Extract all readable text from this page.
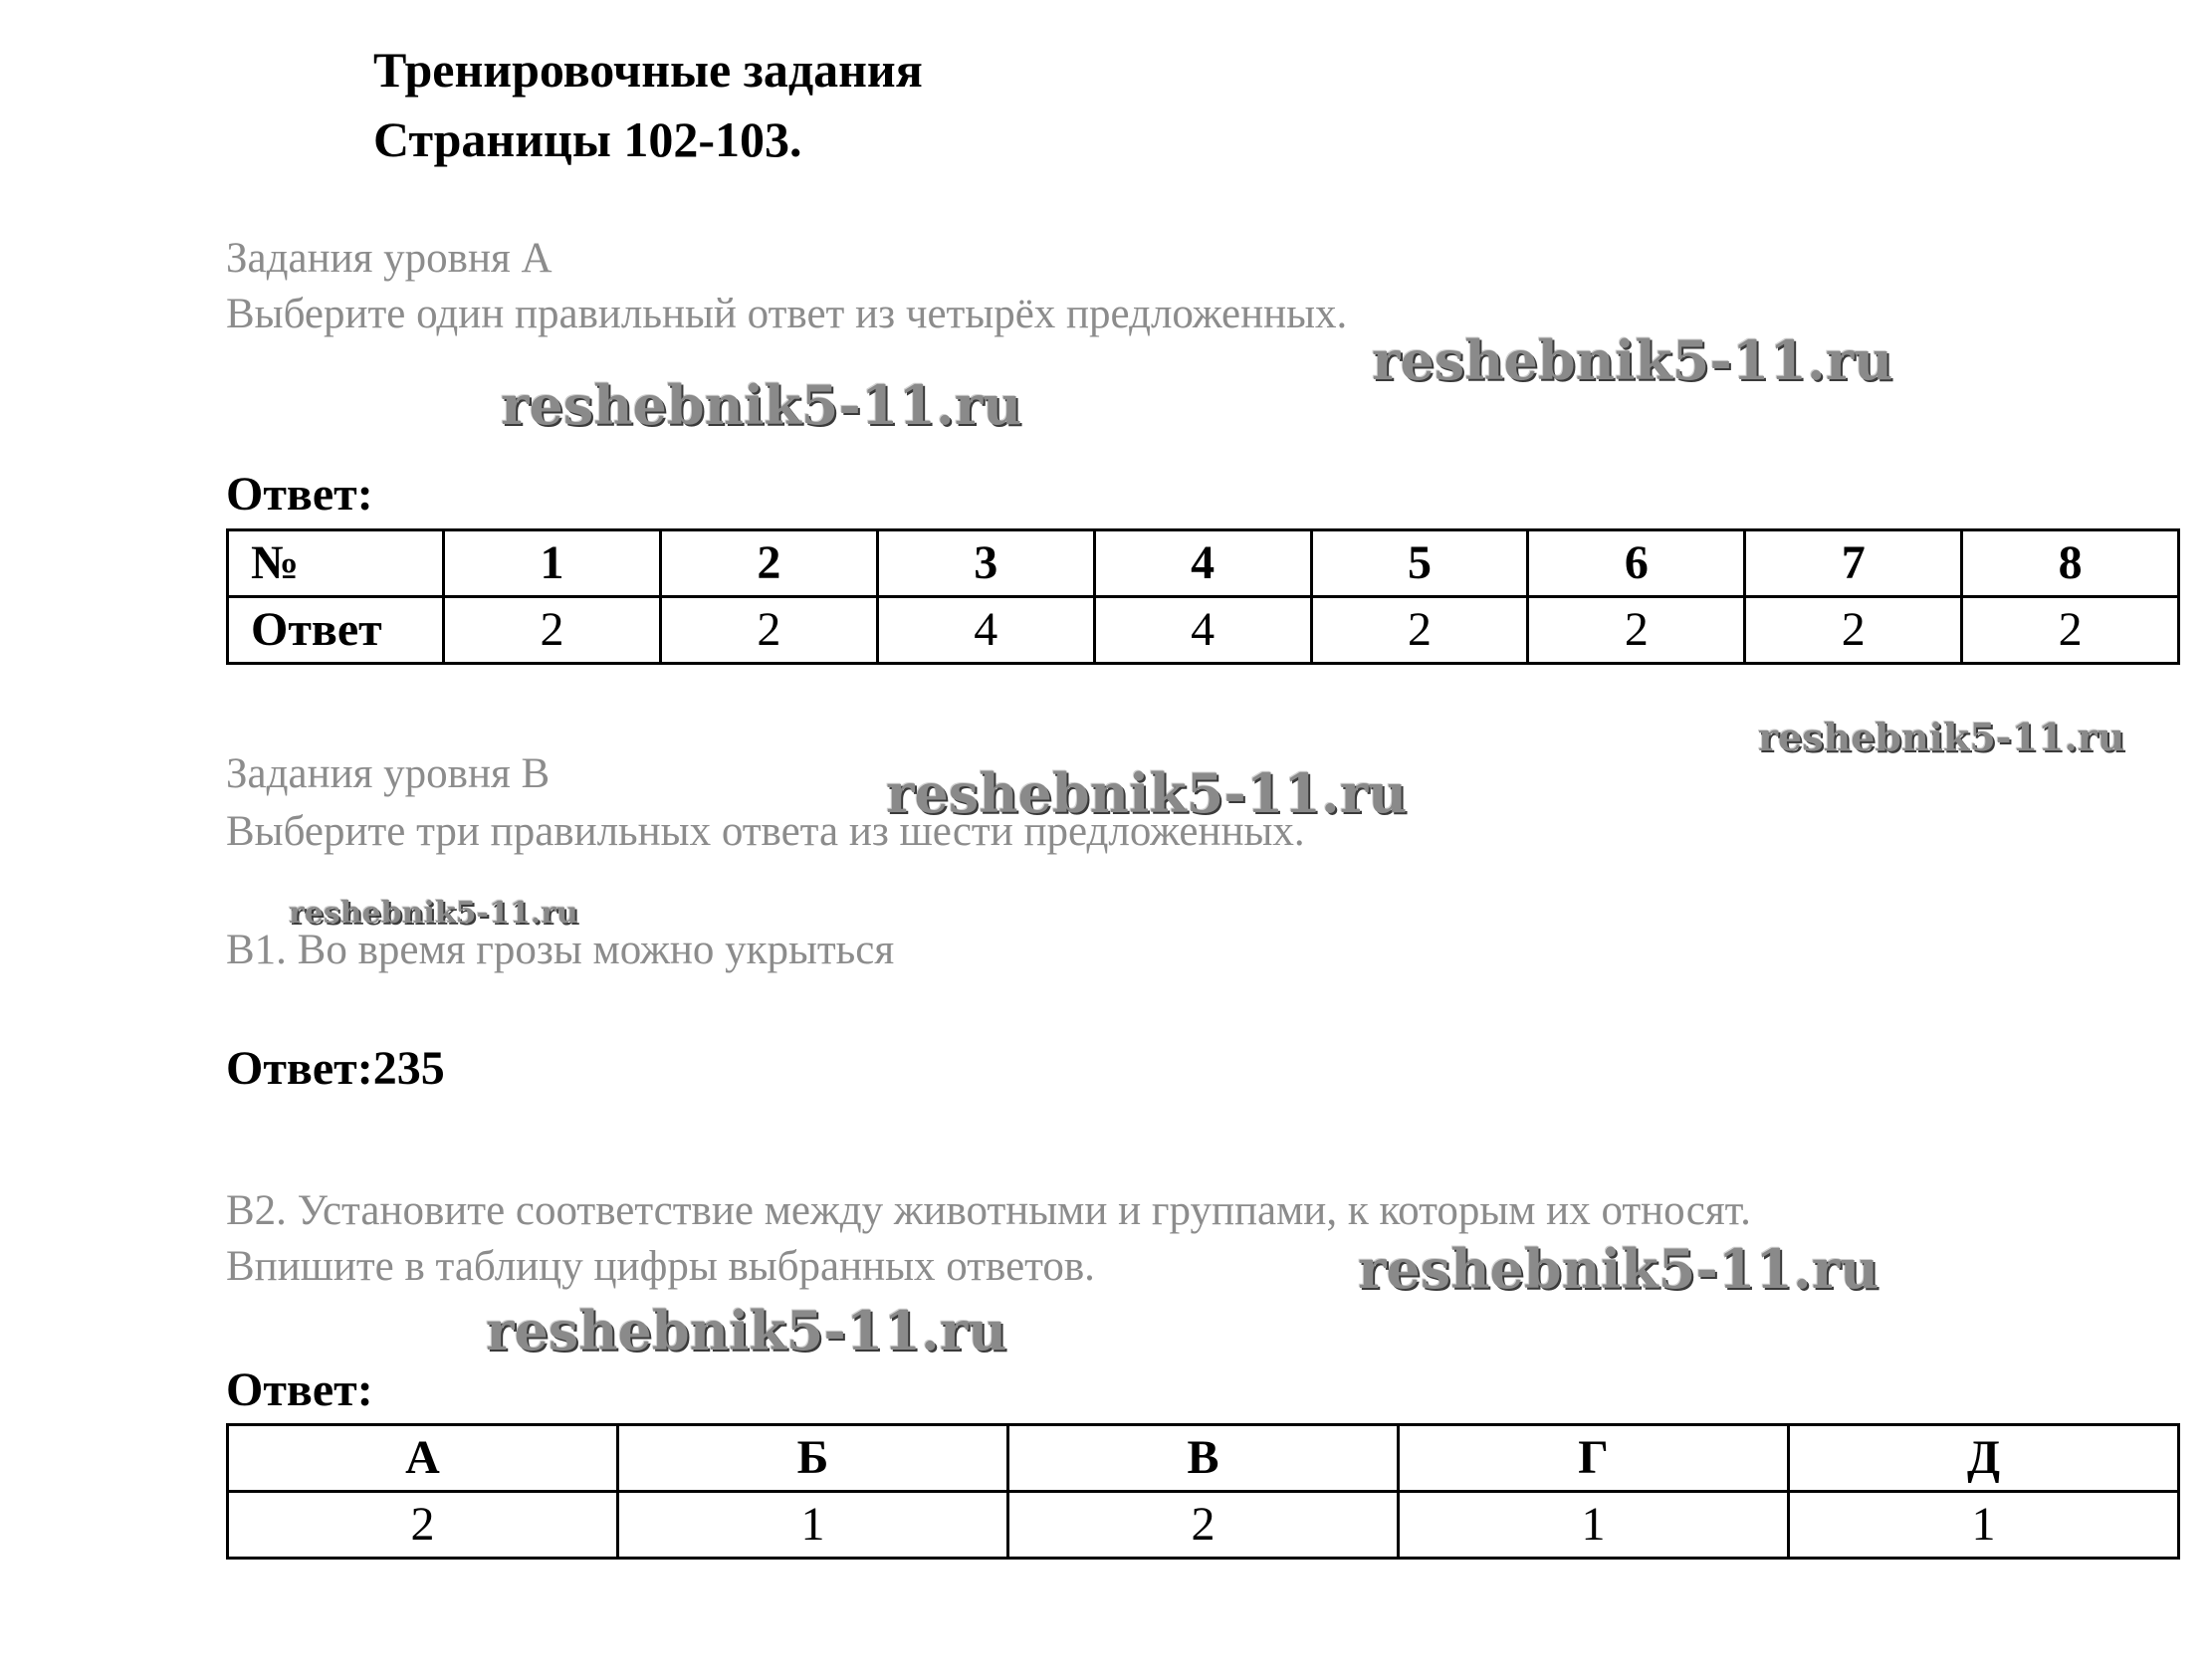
Тренировочные задания
Страницы 102-103.
Задания уровня А
Выберите один правильный ответ из четырёх предложенных.
reshebnik5-11.ru
reshebnik5-11.ru
Ответ:
№	1	2	3	4	5	6	7	8
Ответ	2	2	4	4	2	2	2	2
reshebnik5-11.ru
Задания уровня В	reshebnik5-11.ru
Выберите три правильных ответа из шести предложенных.
reshebnik5-11.ru
В1. Во время грозы можно укрыться
Ответ:235
В2. Установите соответствие между животными и группами, к которым их относят.
Впишите в таблицу цифры выбранных ответов.	reshebnik5-11.ru
reshebnik5-11.ru
Ответ:
А	Б	В	Г	Д
2	1	2	1	1
